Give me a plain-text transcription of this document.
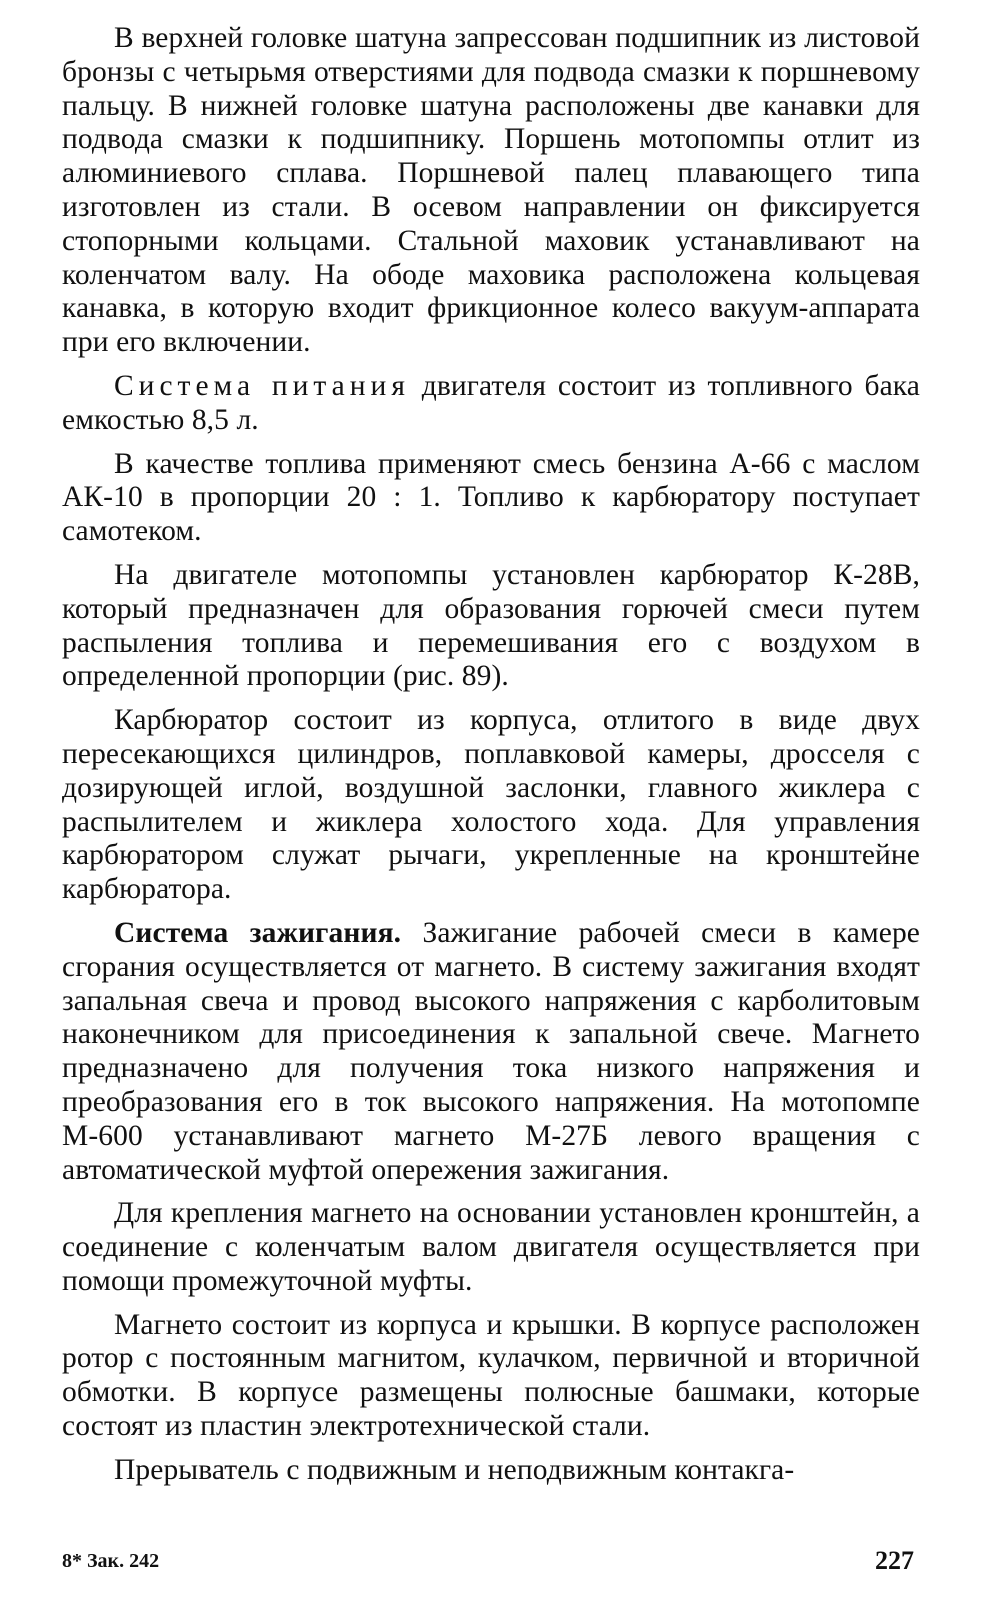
В верхней головке шатуна запрессован подшипник из листовой бронзы с четырьмя отверстиями для подвода смазки к поршневому пальцу. В нижней головке шатуна расположены две канавки для подвода смазки к подшипнику. Поршень мотопомпы отлит из алюминиевого сплава. Поршневой палец плавающего типа изготовлен из стали. В осевом направлении он фиксируется стопорными кольцами. Стальной маховик устанавливают на коленчатом валу. На ободе маховика расположена кольцевая канавка, в которую входит фрикционное колесо вакуум-аппарата при его включении.

Система питания двигателя состоит из топливного бака емкостью 8,5 л.

В качестве топлива применяют смесь бензина А-66 с маслом АК-10 в пропорции 20 : 1. Топливо к карбюратору поступает самотеком.

На двигателе мотопомпы установлен карбюратор К-28В, который предназначен для образования горючей смеси путем распыления топлива и перемешивания его с воздухом в определенной пропорции (рис. 89).

Карбюратор состоит из корпуса, отлитого в виде двух пересекающихся цилиндров, поплавковой камеры, дросселя с дозирующей иглой, воздушной заслонки, главного жиклера с распылителем и жиклера холостого хода. Для управления карбюратором служат рычаги, укрепленные на кронштейне карбюратора.

Система зажигания. Зажигание рабочей смеси в камере сгорания осуществляется от магнето. В систему зажигания входят запальная свеча и провод высокого напряжения с карболитовым наконечником для присоединения к запальной свече. Магнето предназначено для получения тока низкого напряжения и преобразования его в ток высокого напряжения. На мотопомпе М-600 устанавливают магнето М-27Б левого вращения с автоматической муфтой опережения зажигания.

Для крепления магнето на основании установлен кронштейн, а соединение с коленчатым валом двигателя осуществляется при помощи промежуточной муфты.

Магнето состоит из корпуса и крышки. В корпусе расположен ротор с постоянным магнитом, кулачком, первичной и вторичной обмотки. В корпусе размещены полюсные башмаки, которые состоят из пластин электротехнической стали.

Прерыватель с подвижным и неподвижным контакга-

8* Зак. 242	227
